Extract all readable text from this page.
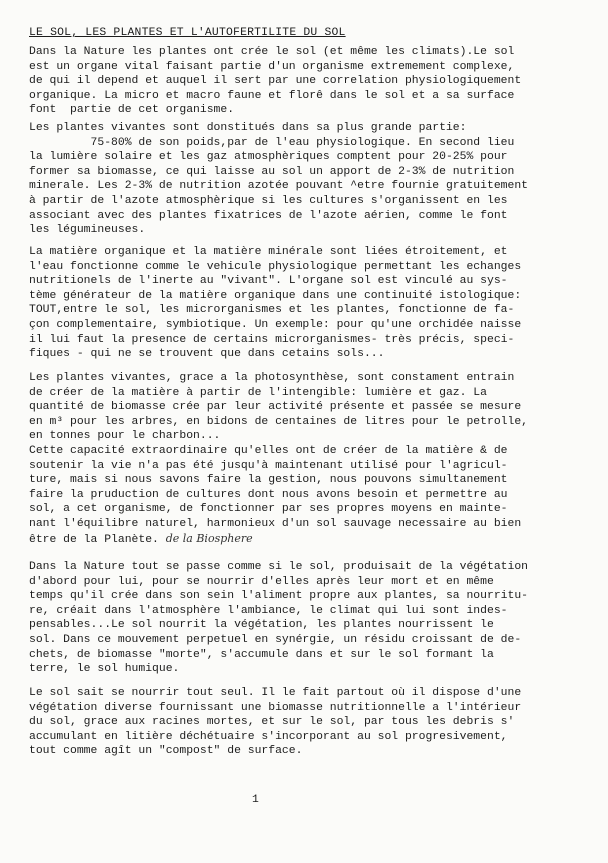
LE SOL, LES PLANTES ET L'AUTOFERTILITE DU SOL
Dans la Nature les plantes ont crée le sol (et même les climats).Le sol
est un organe vital faisant partie d'un organisme extremement complexe,
de qui il depend et auquel il sert par une correlation physiologiquement
organique. La micro et macro faune et florê dans le sol et a sa surface
font  partie de cet organisme.
Les plantes vivantes sont donstitués dans sa plus grande partie:
75-80% de son poids,par de l'eau physiologique. En second lieu
la lumière solaire et les gaz atmosphèriques comptent pour 20-25% pour
former sa biomasse, ce qui laisse au sol un apport de 2-3% de nutrition
minerale. Les 2-3% de nutrition azotée pouvant ^etre fournie gratuitement
à partir de l'azote atmosphèrique si les cultures s'organissent en les
associant avec des plantes fixatrices de l'azote aérien, comme le font
les légumineuses.
La matière organique et la matière minérale sont liées étroitement, et
l'eau fonctionne comme le vehicule physiologique permettant les echanges
nutritionels de l'inerte au "vivant". L'organe sol est vinculé au sys-
tème générateur de la matière organique dans une continuité istologique:
TOUT,entre le sol, les microrganismes et les plantes, fonctionne de fa-
çon complementaire, symbiotique. Un exemple: pour qu'une orchidée naisse
il lui faut la presence de certains microrganismes- très précis, speci-
fiques - qui ne se trouvent que dans cetains sols...
Les plantes vivantes, grace a la photosynthèse, sont constament entrain
de créer de la matière à partir de l'intengible: lumière et gaz. La
quantité de biomasse crée par leur activité présente et passée se mesure
en m³ pour les arbres, en bidons de centaines de litres pour le petrolle,
en tonnes pour le charbon...
Cette capacité extraordinaire qu'elles ont de créer de la matière & de
soutenir la vie n'a pas été jusqu'à maintenant utilisé pour l'agricul-
ture, mais si nous savons faire la gestion, nous pouvons simultanement
faire la pruduction de cultures dont nous avons besoin et permettre au
sol, a cet organisme, de fonctionner par ses propres moyens en mainte-
nant l'équilibre naturel, harmonieux d'un sol sauvage necessaire au bien
être de la Planète. de la Biosphere
Dans la Nature tout se passe comme si le sol, produisait de la végétation
d'abord pour lui, pour se nourrir d'elles après leur mort et en même
temps qu'il crée dans son sein l'aliment propre aux plantes, sa nourritu-
re, créait dans l'atmosphère l'ambiance, le climat qui lui sont indes-
pensables...Le sol nourrit la végétation, les plantes nourrissent le
sol. Dans ce mouvement perpetuel en synérgie, un résidu croissant de de-
chets, de biomasse "morte", s'accumule dans et sur le sol formant la
terre, le sol humique.
Le sol sait se nourrir tout seul. Il le fait partout où il dispose d'une
végétation diverse fournissant une biomasse nutritionnelle a l'intérieur
du sol, grace aux racines mortes, et sur le sol, par tous les debris s'
accumulant en litière déchétuaire s'incorporant au sol progresivement,
tout comme agît un "compost" de surface.
1
